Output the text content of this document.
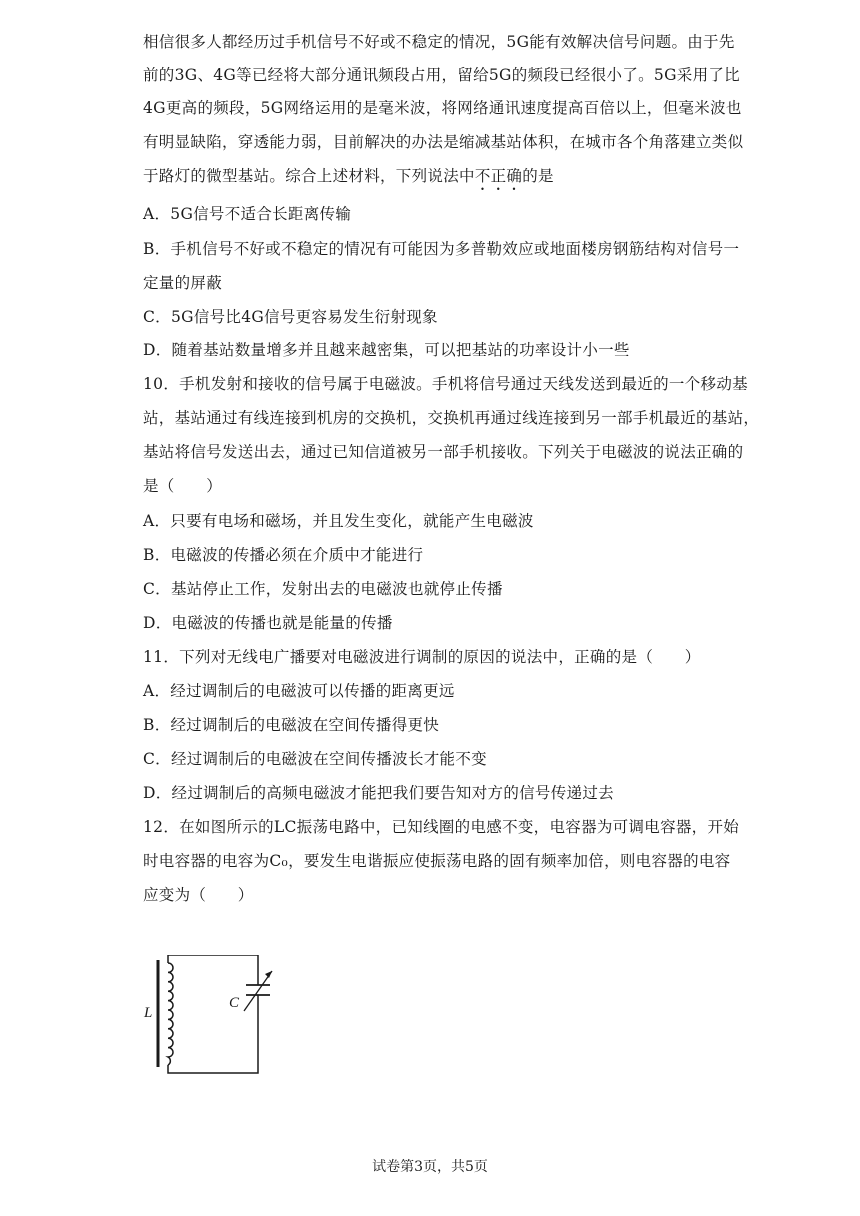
相信很多人都经历过手机信号不好或不稳定的情况，5G能有效解决信号问题。由于先
前的3G、4G等已经将大部分通讯频段占用，留给5G的频段已经很小了。5G采用了比
4G更高的频段，5G网络运用的是毫米波，将网络通讯速度提高百倍以上，但毫米波也
有明显缺陷，穿透能力弱，目前解决的办法是缩减基站体积，在城市各个角落建立类似
于路灯的微型基站。综合上述材料，下列说法中不正确的是
A．5G信号不适合长距离传输
B．手机信号不好或不稳定的情况有可能因为多普勒效应或地面楼房钢筋结构对信号一
定量的屏蔽
C．5G信号比4G信号更容易发生衍射现象
D．随着基站数量增多并且越来越密集，可以把基站的功率设计小一些
10．手机发射和接收的信号属于电磁波。手机将信号通过天线发送到最近的一个移动基
站，基站通过有线连接到机房的交换机，交换机再通过线连接到另一部手机最近的基站，
基站将信号发送出去，通过已知信道被另一部手机接收。下列关于电磁波的说法正确的
是（　　）
A．只要有电场和磁场，并且发生变化，就能产生电磁波
B．电磁波的传播必须在介质中才能进行
C．基站停止工作，发射出去的电磁波也就停止传播
D．电磁波的传播也就是能量的传播
11．下列对无线电广播要对电磁波进行调制的原因的说法中，正确的是（　　）
A．经过调制后的电磁波可以传播的距离更远
B．经过调制后的电磁波在空间传播得更快
C．经过调制后的电磁波在空间传播波长才能不变
D．经过调制后的高频电磁波才能把我们要告知对方的信号传递过去
12．在如图所示的LC振荡电路中，已知线圈的电感不变，电容器为可调电容器，开始
时电容器的电容为C₀，要发生电谐振应使振荡电路的固有频率加倍，则电容器的电容
应变为（　　）
L
C
试卷第3页，共5页
